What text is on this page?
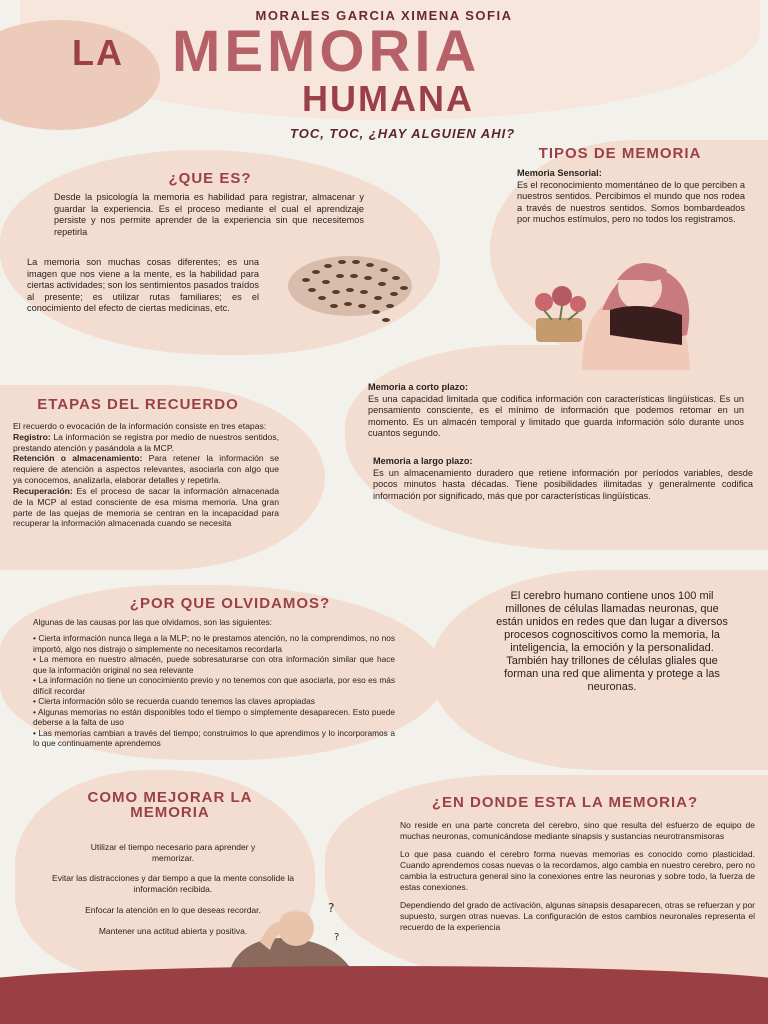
MORALES GARCIA XIMENA SOFIA
LA MEMORIA
HUMANA
TOC, TOC, ¿HAY ALGUIEN AHI?
¿QUE ES?
Desde la psicología la memoria es habilidad para registrar, almacenar y guardar la experiencia. Es el proceso mediante el cual el aprendizaje persiste y nos permite aprender de la experiencia sin que necesitemos repetirla
La memoria son muchas cosas diferentes; es una imagen que nos viene a la mente, es la habilidad para ciertas actividades; son los sentimientos pasados traídos al presente; es utilizar rutas familiares; es el conocimiento del efecto de ciertas medicinas, etc.
TIPOS DE MEMORIA
Memoria Sensorial:
Es el reconocimiento momentáneo de lo que perciben a nuestros sentidos. Percibimos el mundo que nos rodea a través de nuestros sentidos. Somos bombardeados por muchos estímulos, pero no todos los registramos.
Memoria a corto plazo:
Es una capacidad limitada que codifica información con características lingüísticas. Es un pensamiento consciente, es el mínimo de información que podemos retomar en un momento. Es un almacén temporal y limitado que guarda información sólo durante unos cuantos segundo.
Memoria a largo plazo:
Es un almacenamiento duradero que retiene información por períodos variables, desde pocos minutos hasta décadas. Tiene posibilidades ilimitadas y generalmente codifica información por significado, más que por características lingüísticas.
ETAPAS DEL RECUERDO
El recuerdo o evocación de la información consiste en tres etapas:
Registro: La información se registra por medio de nuestros sentidos, prestando atención y pasándola a la MCP.
Retención o almacenamiento: Para retener la información se requiere de atención a aspectos relevantes, asociarla con algo que ya conocemos, analizarla, elaborar detalles y repetirla.
Recuperación: Es el proceso de sacar la información almacenada de la MCP al estad consciente de esa misma memoria. Una gran parte de las quejas de memoria se centran en la incapacidad para recuperar la información almacenada cuando se necesita
¿POR QUE OLVIDAMOS?

Algunas de las causas por las que olvidamos, son las siguientes:

• Cierta información nunca llega a la MLP; no le prestamos atención, no la comprendimos, no nos importó, algo nos distrajo o simplemente no necesitamos recordarla
• La memora en nuestro almacén, puede sobresaturarse con otra información similar que hace que la información original no sea relevante
• La información no tiene un conocimiento previo y no tenemos con que asociarla, por eso es más difícil recordar
• Cierta información sólo se recuerda cuando tenemos las claves apropiadas
• Algunas memorias no están disponibles todo el tiempo o simplemente desaparecen. Esto puede deberse a la falta de uso
• Las memorias cambian a través del tiempo; construimos lo que aprendimos y lo incorporamos a lo que continuamente aprendemos
El cerebro humano contiene unos 100 mil millones de células llamadas neuronas, que están unidos en redes que dan lugar a diversos procesos cognoscitivos como la memoria, la inteligencia, la emoción y la personalidad. También hay trillones de células gliales que forman una red que alimenta y protege a las neuronas.
COMO MEJORAR LA
MEMORIA

Utilizar el tiempo necesario para aprender y memorizar.

Evitar las distracciones y dar tiempo a que la mente consolide la información recibida.

Enfocar la atención en lo que deseas recordar.

Mantener una actitud abierta y positiva.

?
?
¿EN DONDE ESTA LA MEMORIA?

No reside en una parte concreta del cerebro, sino que resulta del esfuerzo de equipo de muchas neuronas, comunicándose mediante sinapsis y sustancias neurotransmisoras

Lo que pasa cuando el cerebro forma nuevas memorias es conocido como plasticidad. Cuando aprendemos cosas nuevas o la recordamos, algo cambia en nuestro cerebro, pero no cambia la estructura general sino la conexiones entre las neuronas y sobre todo, la fuerza de estas conexiones.

Dependiendo del grado de activación, algunas sinapsis desaparecen, otras se refuerzan y por supuesto, surgen otras nuevas. La configuración de estos cambios neuronales representa el recuerdo de la experiencia
